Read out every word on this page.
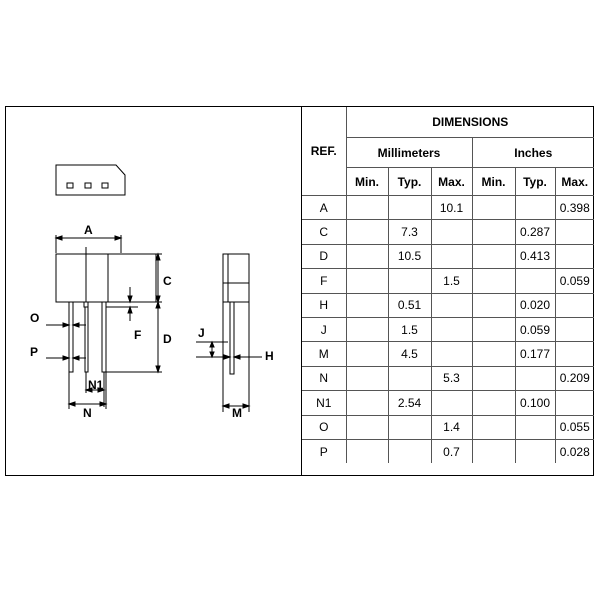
A
C
D
F
O
P
N1
N
J
H
M
REF.	DIMENSIONS					
	Millimeters			Inches		
	Min.	Typ.	Max.	Min.	Typ.	Max.
A			10.1			0.398
C		7.3			0.287	
D		10.5			0.413	
F			1.5			0.059
H		0.51			0.020	
J		1.5			0.059	
M		4.5			0.177	
N			5.3			0.209
N1		2.54			0.100	
O			1.4			0.055
P			0.7			0.028
